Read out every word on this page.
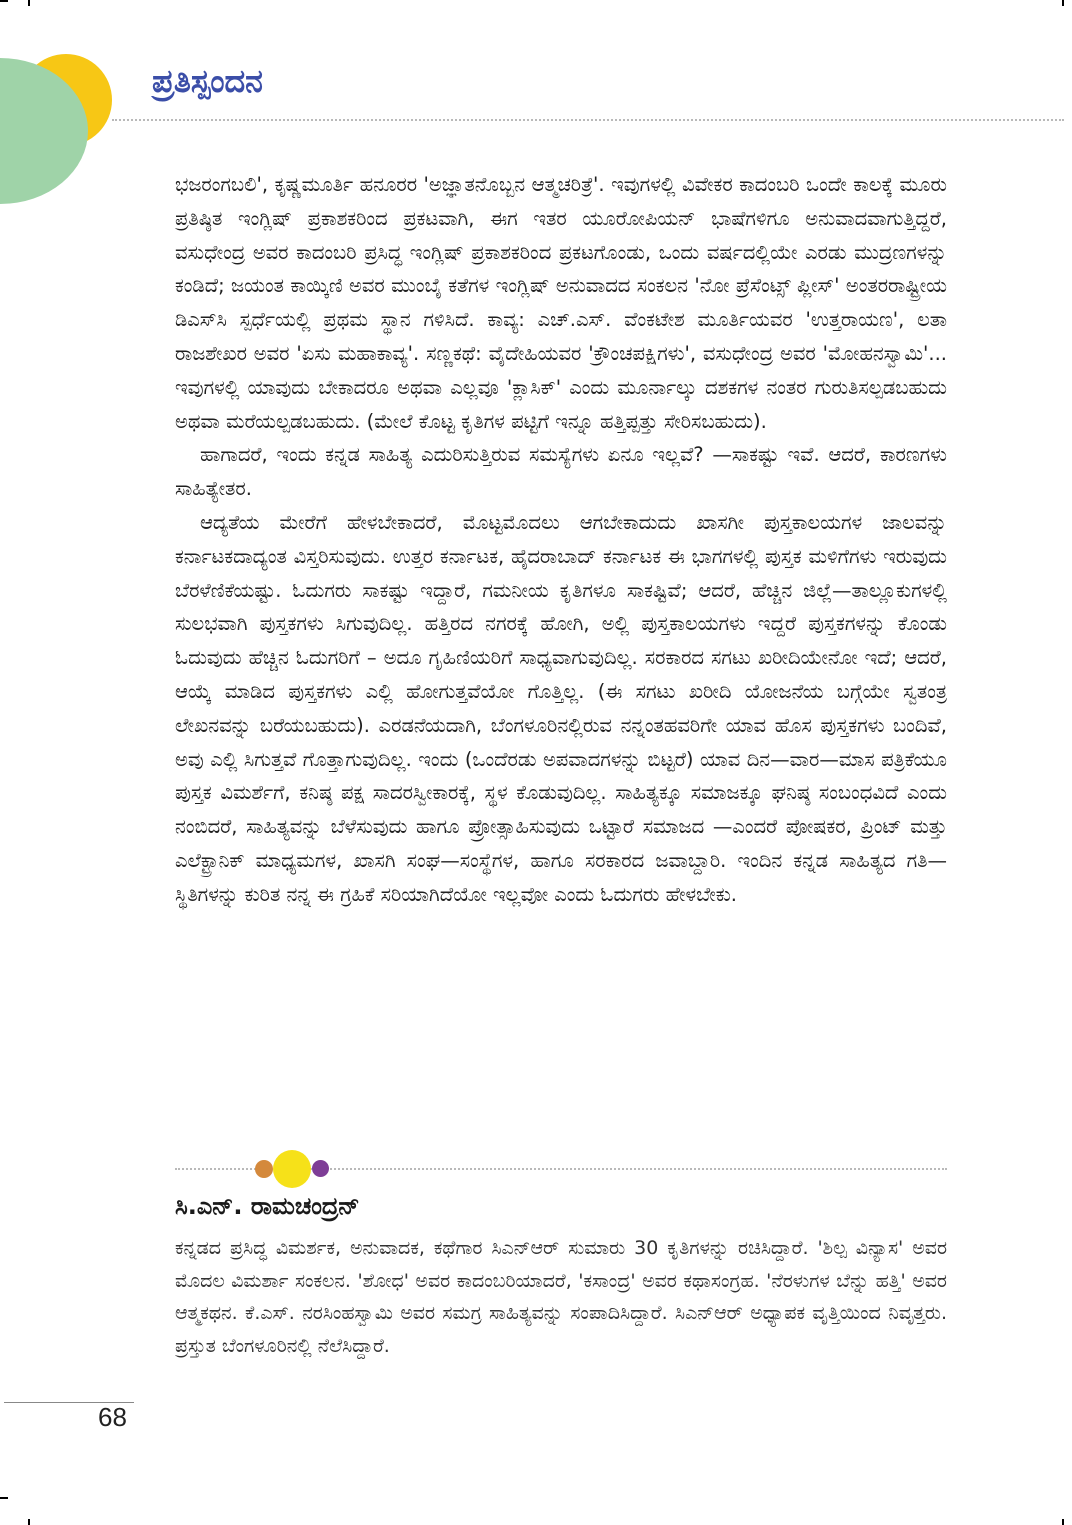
ಪ್ರತಿಸ್ಪಂದನ

ಭಜರಂಗಬಲಿ', ಕೃಷ್ಣಮೂರ್ತಿ ಹನೂರರ 'ಅಜ್ಞಾತನೊಬ್ಬನ ಆತ್ಮಚರಿತ್ರೆ'. ಇವುಗಳಲ್ಲಿ ವಿವೇಕರ ಕಾದಂಬರಿ ಒಂದೇ ಕಾಲಕ್ಕೆ ಮೂರು ಪ್ರತಿಷ್ಠಿತ ಇಂಗ್ಲಿಷ್ ಪ್ರಕಾಶಕರಿಂದ ಪ್ರಕಟವಾಗಿ, ಈಗ ಇತರ ಯೂರೋಪಿಯನ್ ಭಾಷೆಗಳಿಗೂ ಅನುವಾದವಾಗುತ್ತಿದ್ದರೆ, ವಸುಧೇಂದ್ರ ಅವರ ಕಾದಂಬರಿ ಪ್ರಸಿದ್ಧ ಇಂಗ್ಲಿಷ್ ಪ್ರಕಾಶಕರಿಂದ ಪ್ರಕಟಗೊಂಡು, ಒಂದು ವರ್ಷದಲ್ಲಿಯೇ ಎರಡು ಮುದ್ರಣಗಳನ್ನು ಕಂಡಿದೆ; ಜಯಂತ ಕಾಯ್ಕಿಣಿ ಅವರ ಮುಂಬೈ ಕತೆಗಳ ಇಂಗ್ಲಿಷ್ ಅನುವಾದದ ಸಂಕಲನ 'ನೋ ಪ್ರೆಸೆಂಟ್ಸ್ ಪ್ಲೀಸ್' ಅಂತರರಾಷ್ಟ್ರೀಯ ಡಿಎಸ್‌ಸಿ ಸ್ಪರ್ಧೆಯಲ್ಲಿ ಪ್ರಥಮ ಸ್ಥಾನ ಗಳಿಸಿದೆ. ಕಾವ್ಯ: ಎಚ್.ಎಸ್. ವೆಂಕಟೇಶ ಮೂರ್ತಿಯವರ 'ಉತ್ತರಾಯಣ', ಲತಾ ರಾಜಶೇಖರ ಅವರ 'ಏಸು ಮಹಾಕಾವ್ಯ'. ಸಣ್ಣಕಥೆ: ವೈದೇಹಿಯವರ 'ಕ್ರೌಂಚಪಕ್ಷಿಗಳು', ವಸುಧೇಂದ್ರ ಅವರ 'ಮೋಹನಸ್ವಾಮಿ'... ಇವುಗಳಲ್ಲಿ ಯಾವುದು ಬೇಕಾದರೂ ಅಥವಾ ಎಲ್ಲವೂ 'ಕ್ಲಾಸಿಕ್' ಎಂದು ಮೂರ್ನಾಲ್ಕು ದಶಕಗಳ ನಂತರ ಗುರುತಿಸಲ್ಪಡಬಹುದು ಅಥವಾ ಮರೆಯಲ್ಪಡಬಹುದು. (ಮೇಲೆ ಕೊಟ್ಟ ಕೃತಿಗಳ ಪಟ್ಟಿಗೆ ಇನ್ನೂ ಹತ್ತಿಪ್ಪತ್ತು ಸೇರಿಸಬಹುದು).

ಹಾಗಾದರೆ, ಇಂದು ಕನ್ನಡ ಸಾಹಿತ್ಯ ಎದುರಿಸುತ್ತಿರುವ ಸಮಸ್ಯೆಗಳು ಏನೂ ಇಲ್ಲವೆ? —ಸಾಕಷ್ಟು ಇವೆ. ಆದರೆ, ಕಾರಣಗಳು ಸಾಹಿತ್ಯೇತರ.

ಆದ್ಯತೆಯ ಮೇರೆಗೆ ಹೇಳಬೇಕಾದರೆ, ಮೊಟ್ಟಮೊದಲು ಆಗಬೇಕಾದುದು ಖಾಸಗೀ ಪುಸ್ತಕಾಲಯಗಳ ಜಾಲವನ್ನು ಕರ್ನಾಟಕದಾದ್ಯಂತ ವಿಸ್ತರಿಸುವುದು. ಉತ್ತರ ಕರ್ನಾಟಕ, ಹೈದರಾಬಾದ್ ಕರ್ನಾಟಕ ಈ ಭಾಗಗಳಲ್ಲಿ ಪುಸ್ತಕ ಮಳಿಗೆಗಳು ಇರುವುದು ಬೆರಳೆಣಿಕೆಯಷ್ಟು. ಓದುಗರು ಸಾಕಷ್ಟು ಇದ್ದಾರೆ, ಗಮನೀಯ ಕೃತಿಗಳೂ ಸಾಕಷ್ಟಿವೆ; ಆದರೆ, ಹೆಚ್ಚಿನ ಜಿಲ್ಲೆ—ತಾಲ್ಲೂಕುಗಳಲ್ಲಿ ಸುಲಭವಾಗಿ ಪುಸ್ತಕಗಳು ಸಿಗುವುದಿಲ್ಲ. ಹತ್ತಿರದ ನಗರಕ್ಕೆ ಹೋಗಿ, ಅಲ್ಲಿ ಪುಸ್ತಕಾಲಯಗಳು ಇದ್ದರೆ ಪುಸ್ತಕಗಳನ್ನು ಕೊಂಡು ಓದುವುದು ಹೆಚ್ಚಿನ ಓದುಗರಿಗೆ – ಅದೂ ಗೃಹಿಣಿಯರಿಗೆ ಸಾಧ್ಯವಾಗುವುದಿಲ್ಲ. ಸರಕಾರದ ಸಗಟು ಖರೀದಿಯೇನೋ ಇದೆ; ಆದರೆ, ಆಯ್ಕೆ ಮಾಡಿದ ಪುಸ್ತಕಗಳು ಎಲ್ಲಿ ಹೋಗುತ್ತವೆಯೋ ಗೊತ್ತಿಲ್ಲ. (ಈ ಸಗಟು ಖರೀದಿ ಯೋಜನೆಯ ಬಗ್ಗೆಯೇ ಸ್ವತಂತ್ರ ಲೇಖನವನ್ನು ಬರೆಯಬಹುದು). ಎರಡನೆಯದಾಗಿ, ಬೆಂಗಳೂರಿನಲ್ಲಿರುವ ನನ್ನಂತಹವರಿಗೇ ಯಾವ ಹೊಸ ಪುಸ್ತಕಗಳು ಬಂದಿವೆ, ಅವು ಎಲ್ಲಿ ಸಿಗುತ್ತವೆ ಗೊತ್ತಾಗುವುದಿಲ್ಲ. ಇಂದು (ಒಂದೆರಡು ಅಪವಾದಗಳನ್ನು ಬಿಟ್ಟರೆ) ಯಾವ ದಿನ—ವಾರ—ಮಾಸ ಪತ್ರಿಕೆಯೂ ಪುಸ್ತಕ ವಿಮರ್ಶೆಗೆ, ಕನಿಷ್ಠ ಪಕ್ಷ ಸಾದರಸ್ವೀಕಾರಕ್ಕೆ, ಸ್ಥಳ ಕೊಡುವುದಿಲ್ಲ. ಸಾಹಿತ್ಯಕ್ಕೂ ಸಮಾಜಕ್ಕೂ ಘನಿಷ್ಠ ಸಂಬಂಧವಿದೆ ಎಂದು ನಂಬಿದರೆ, ಸಾಹಿತ್ಯವನ್ನು ಬೆಳೆಸುವುದು ಹಾಗೂ ಪ್ರೋತ್ಸಾಹಿಸುವುದು ಒಟ್ಟಾರೆ ಸಮಾಜದ —ಎಂದರೆ ಪೋಷಕರ, ಪ್ರಿಂಟ್ ಮತ್ತು ಎಲೆಕ್ಟ್ರಾನಿಕ್ ಮಾಧ್ಯಮಗಳ, ಖಾಸಗಿ ಸಂಘ—ಸಂಸ್ಥೆಗಳ, ಹಾಗೂ ಸರಕಾರದ ಜವಾಬ್ದಾರಿ. ಇಂದಿನ ಕನ್ನಡ ಸಾಹಿತ್ಯದ ಗತಿ—ಸ್ಥಿತಿಗಳನ್ನು ಕುರಿತ ನನ್ನ ಈ ಗ್ರಹಿಕೆ ಸರಿಯಾಗಿದೆಯೋ ಇಲ್ಲವೋ ಎಂದು ಓದುಗರು ಹೇಳಬೇಕು.

ಸಿ.ಎನ್. ರಾಮಚಂದ್ರನ್

ಕನ್ನಡದ ಪ್ರಸಿದ್ಧ ವಿಮರ್ಶಕ, ಅನುವಾದಕ, ಕಥೆಗಾರ ಸಿಎನ್‌ಆರ್ ಸುಮಾರು 30 ಕೃತಿಗಳನ್ನು ರಚಿಸಿದ್ದಾರೆ. 'ಶಿಲ್ಪ ವಿನ್ಯಾಸ' ಅವರ ಮೊದಲ ವಿಮರ್ಶಾ ಸಂಕಲನ. 'ಶೋಧ' ಅವರ ಕಾದಂಬರಿಯಾದರೆ, 'ಕಸಾಂದ್ರ' ಅವರ ಕಥಾಸಂಗ್ರಹ. 'ನೆರಳುಗಳ ಬೆನ್ನು ಹತ್ತಿ' ಅವರ ಆತ್ಮಕಥನ. ಕೆ.ಎಸ್. ನರಸಿಂಹಸ್ವಾಮಿ ಅವರ ಸಮಗ್ರ ಸಾಹಿತ್ಯವನ್ನು ಸಂಪಾದಿಸಿದ್ದಾರೆ. ಸಿಎನ್‌ಆರ್ ಅಧ್ಯಾಪಕ ವೃತ್ತಿಯಿಂದ ನಿವೃತ್ತರು. ಪ್ರಸ್ತುತ ಬೆಂಗಳೂರಿನಲ್ಲಿ ನೆಲೆಸಿದ್ದಾರೆ.

68
